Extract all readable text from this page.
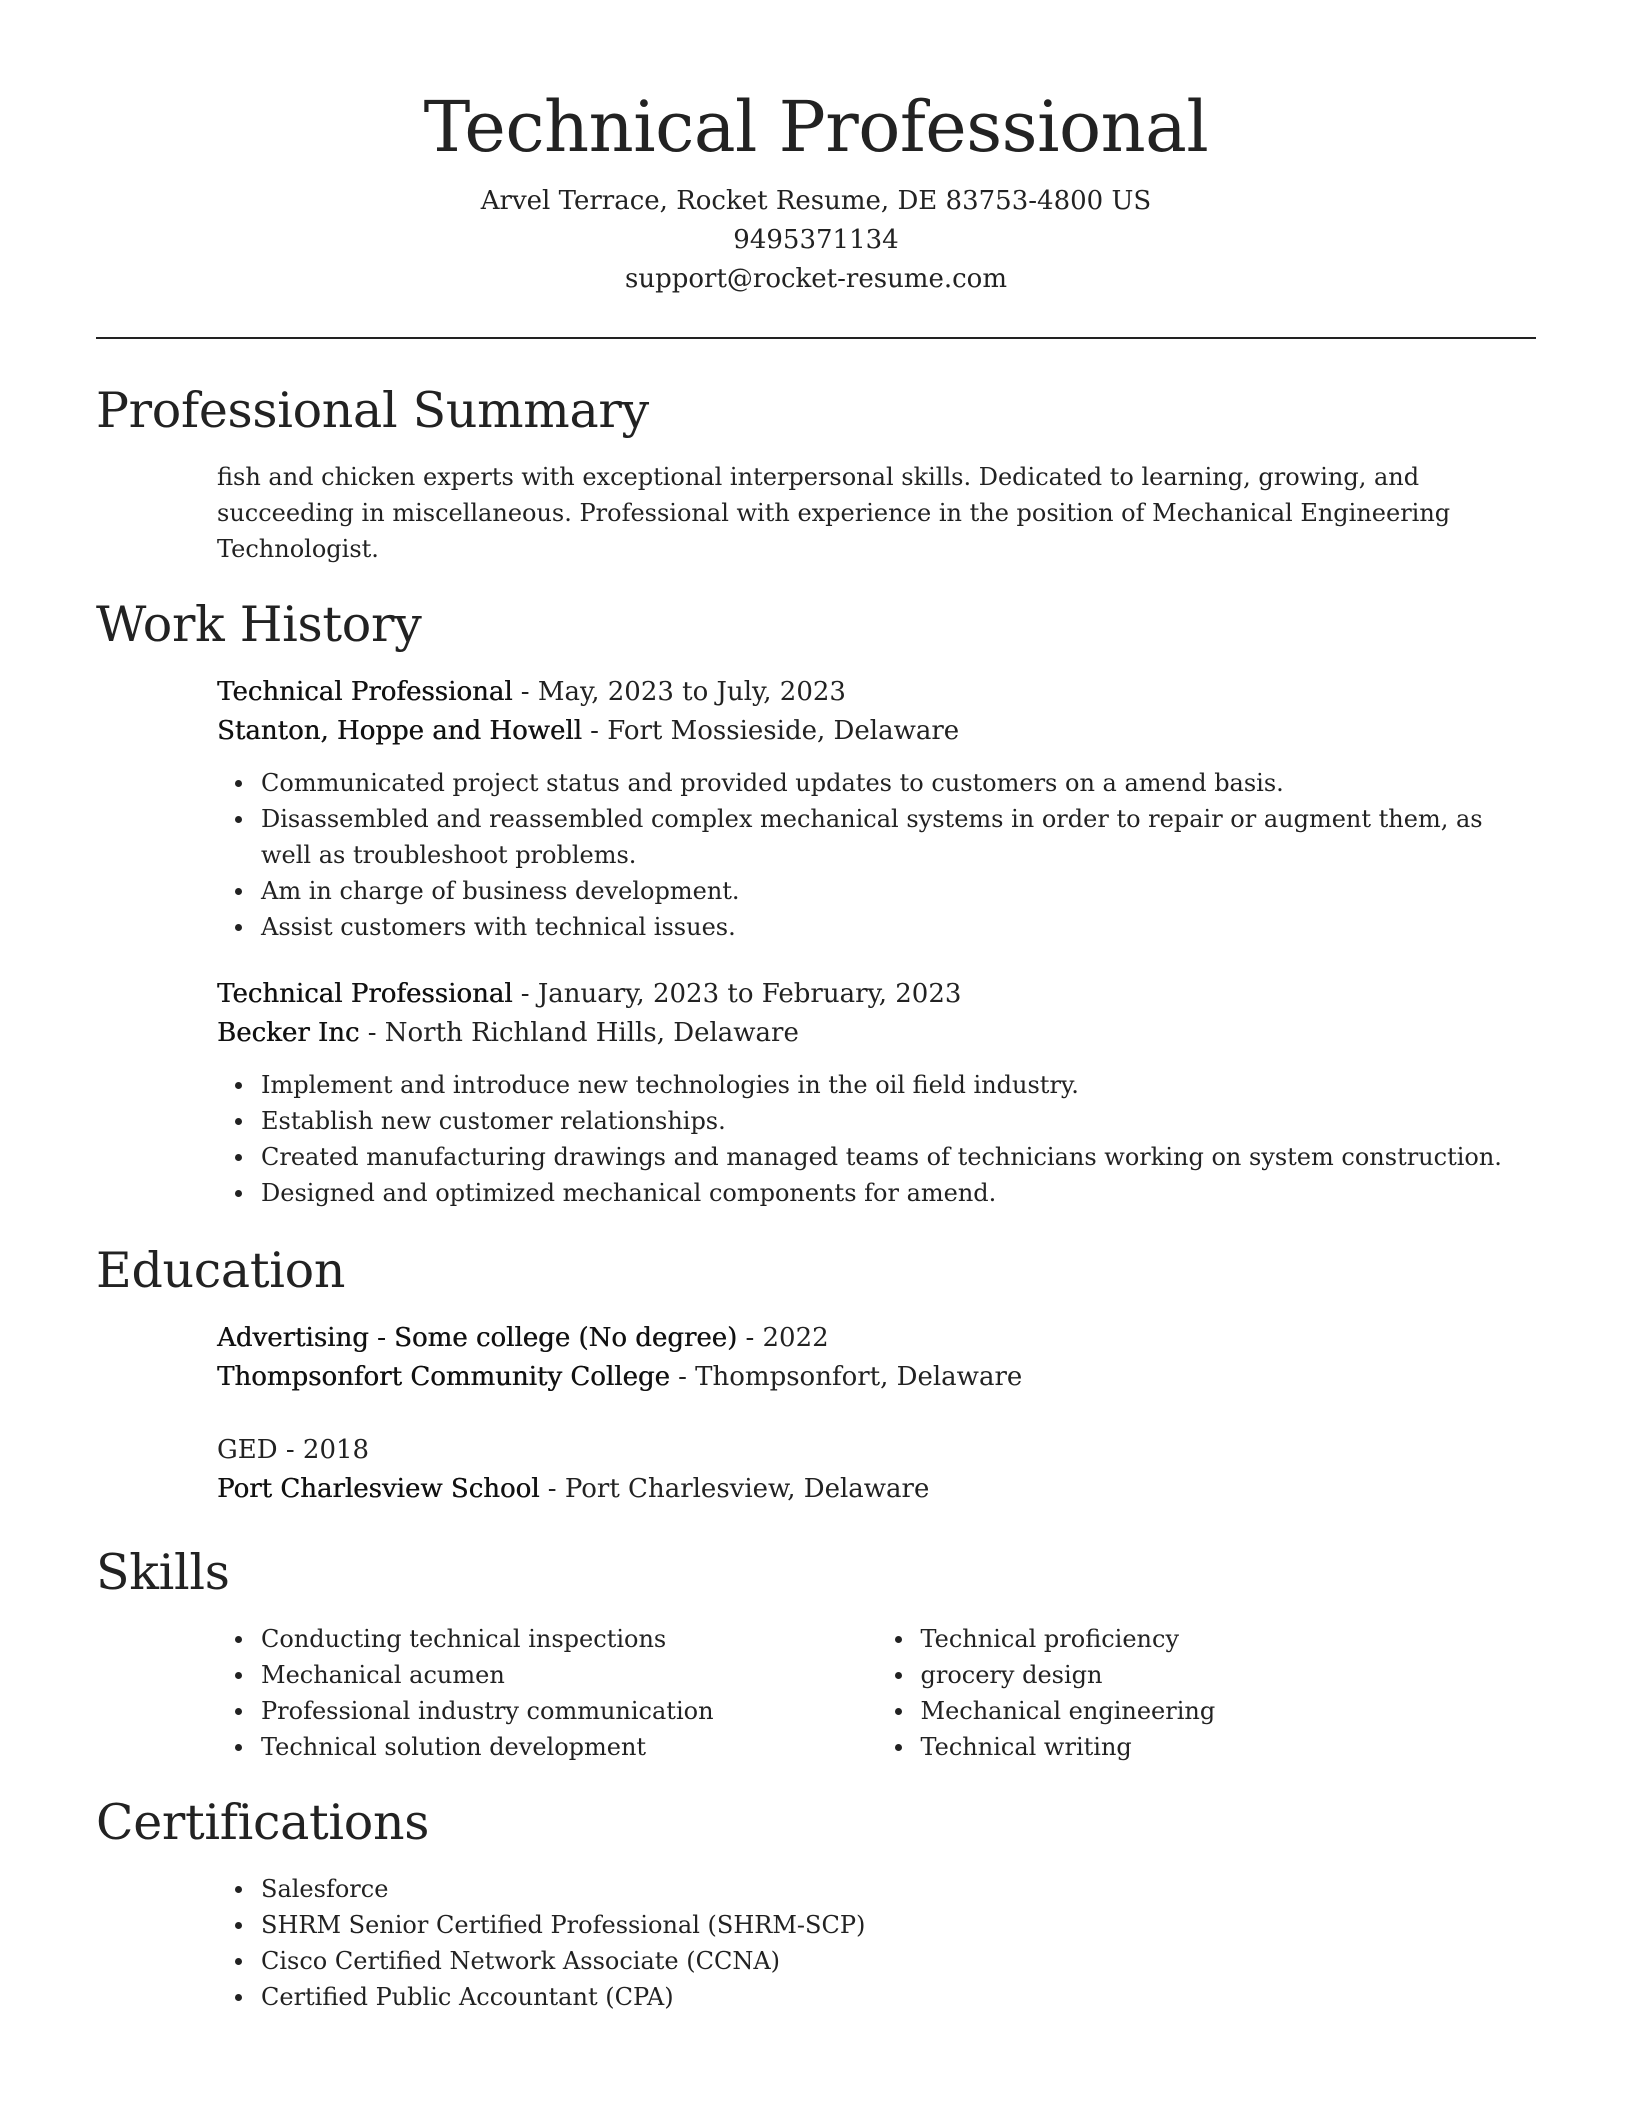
Technical Professional
Arvel Terrace, Rocket Resume, DE 83753-4800 US
9495371134
support@rocket-resume.com
Professional Summary

fish and chicken experts with exceptional interpersonal skills. Dedicated to learning, growing, and succeeding in miscellaneous. Professional with experience in the position of Mechanical Engineering Technologist.

Work History
Technical Professional - May, 2023 to July, 2023
Stanton, Hoppe and Howell - Fort Mossieside, Delaware
Communicated project status and provided updates to customers on a amend basis.
Disassembled and reassembled complex mechanical systems in order to repair or augment them, as well as troubleshoot problems.
Am in charge of business development.
Assist customers with technical issues.
Technical Professional - January, 2023 to February, 2023
Becker Inc - North Richland Hills, Delaware
Implement and introduce new technologies in the oil field industry.
Establish new customer relationships.
Created manufacturing drawings and managed teams of technicians working on system construction.
Designed and optimized mechanical components for amend.
Education
Advertising - Some college (No degree) - 2022
Thompsonfort Community College - Thompsonfort, Delaware
GED - 2018
Port Charlesview School - Port Charlesview, Delaware
Skills
Conducting technical inspections
Mechanical acumen
Professional industry communication
Technical solution development
Technical proficiency
grocery design
Mechanical engineering
Technical writing
Certifications
Salesforce
SHRM Senior Certified Professional (SHRM-SCP)
Cisco Certified Network Associate (CCNA)
Certified Public Accountant (CPA)
